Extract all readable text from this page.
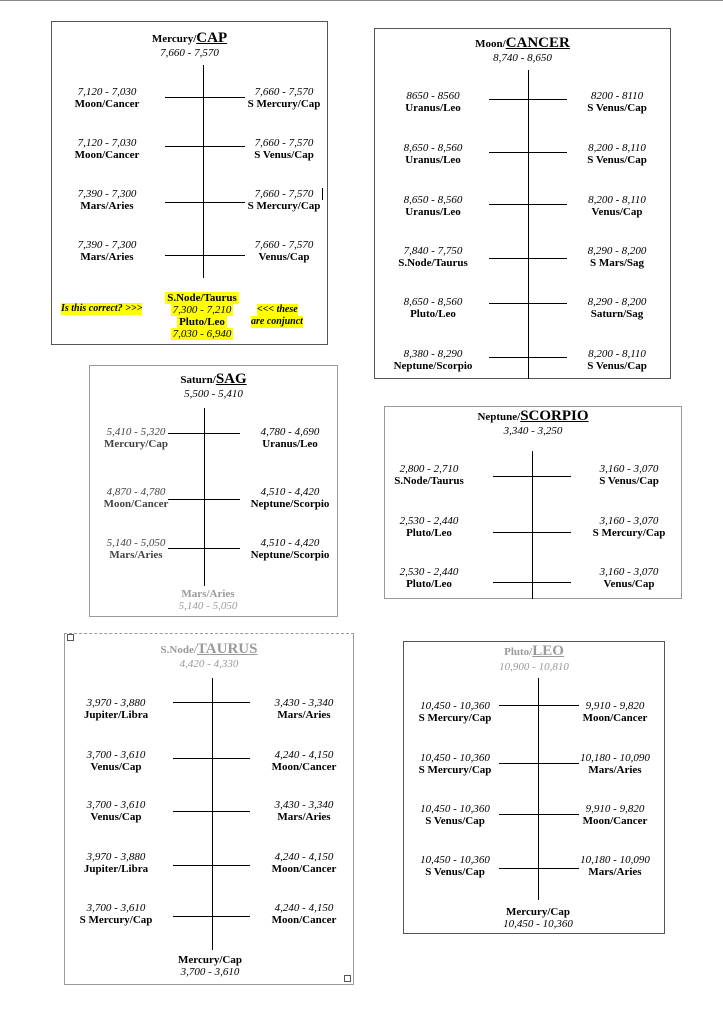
Mercury/CAP
7,660 - 7,570
7,120 - 7,030
Moon/Cancer
7,120 - 7,030
Moon/Cancer
7,390 - 7,300
Mars/Aries
7,390 - 7,300
Mars/Aries
7,660 - 7,570
S Mercury/Cap
7,660 - 7,570
S Venus/Cap
7,660 - 7,570
S Mercury/Cap
7,660 - 7,570
Venus/Cap
S.Node/Taurus
7,300 - 7,210
Pluto/Leo
7,030 - 6,940
Is this correct? >>>	<<< these
are conjunct
Moon/CANCER
8,740 - 8,650
8650 - 8560
Uranus/Leo
8,650 - 8,560
Uranus/Leo
8,650 - 8,560
Uranus/Leo
7,840 - 7,750
S.Node/Taurus
8,650 - 8,560
Pluto/Leo
8,380 - 8,290
Neptune/Scorpio
8200 - 8110
S Venus/Cap
8,200 - 8,110
S Venus/Cap
8,200 - 8,110
Venus/Cap
8,290 - 8,200
S Mars/Sag
8,290 - 8,200
Saturn/Sag
8,200 - 8,110
S Venus/Cap
Saturn/SAG
5,500 - 5,410
5,410 - 5,320
Mercury/Cap
4,870 - 4,780
Moon/Cancer
5,140 - 5,050
Mars/Aries
4,780 - 4,690
Uranus/Leo
4,510 - 4,420
Neptune/Scorpio
4,510 - 4,420
Neptune/Scorpio
Mars/Aries
5,140 - 5,050
Neptune/SCORPIO
3,340 - 3,250
2,800 - 2,710
S.Node/Taurus
2,530 - 2,440
Pluto/Leo
2,530 - 2,440
Pluto/Leo
3,160 - 3,070
S Venus/Cap
3,160 - 3,070
S Mercury/Cap
3,160 - 3,070
Venus/Cap
S.Node/TAURUS
4,420 - 4,330
3,970 - 3,880
Jupiter/Libra
3,700 - 3,610
Venus/Cap
3,700 - 3,610
Venus/Cap
3,970 - 3,880
Jupiter/Libra
3,700 - 3,610
S Mercury/Cap
3,430 - 3,340
Mars/Aries
4,240 - 4,150
Moon/Cancer
3,430 - 3,340
Mars/Aries
4,240 - 4,150
Moon/Cancer
4,240 - 4,150
Moon/Cancer
Mercury/Cap
3,700 - 3,610
Pluto/LEO
10,900 - 10,810
10,450 - 10,360
S Mercury/Cap
10,450 - 10,360
S Mercury/Cap
10,450 - 10,360
S Venus/Cap
10,450 - 10,360
S Venus/Cap
9,910 - 9,820
Moon/Cancer
10,180 - 10,090
Mars/Aries
9,910 - 9,820
Moon/Cancer
10,180 - 10,090
Mars/Aries
Mercury/Cap
10,450 - 10,360
